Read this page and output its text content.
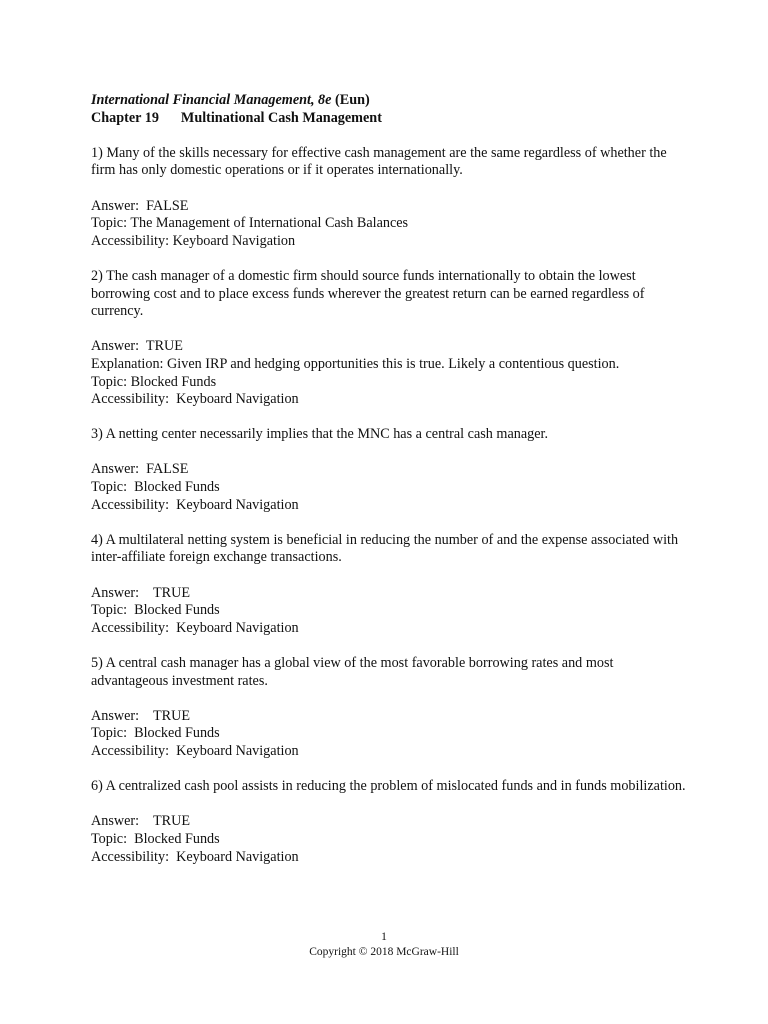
International Financial Management, 8e (Eun)

Chapter 19 Multinational Cash Management

1) Many of the skills necessary for effective cash management are the same regardless of whether the firm has only domestic operations or if it operates internationally.

Answer:  FALSE

Topic: The Management of International Cash Balances

Accessibility: Keyboard Navigation

2) The cash manager of a domestic firm should source funds internationally to obtain the lowest borrowing cost and to place excess funds wherever the greatest return can be earned regardless of currency.

Answer:  TRUE

Explanation: Given IRP and hedging opportunities this is true. Likely a contentious question.

Topic: Blocked Funds

Accessibility:  Keyboard Navigation

3) A netting center necessarily implies that the MNC has a central cash manager.

Answer:  FALSE

Topic:  Blocked Funds

Accessibility:  Keyboard Navigation

4) A multilateral netting system is beneficial in reducing the number of and the expense associated with inter-affiliate foreign exchange transactions.

Answer:    TRUE

Topic:  Blocked Funds

Accessibility:  Keyboard Navigation

5) A central cash manager has a global view of the most favorable borrowing rates and most advantageous investment rates.

Answer:    TRUE

Topic:  Blocked Funds

Accessibility:  Keyboard Navigation

6) A centralized cash pool assists in reducing the problem of mislocated funds and in funds mobilization.

Answer:    TRUE

Topic:  Blocked Funds

Accessibility:  Keyboard Navigation

1
Copyright © 2018 McGraw-Hill
